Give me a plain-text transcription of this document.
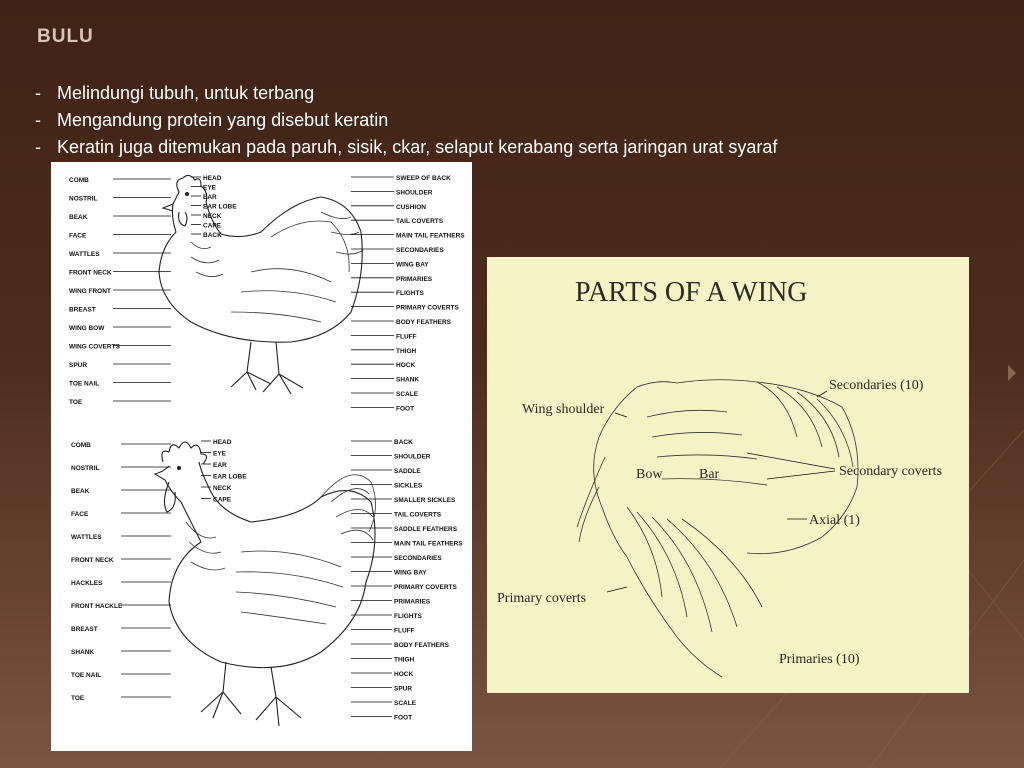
BULU
- Melindungi tubuh, untuk terbang
- Mengandung protein yang disebut keratin
- Keratin juga ditemukan pada paruh, sisik, ckar, selaput kerabang serta jaringan urat syaraf
COMB
NOSTRIL
BEAK
FACE
WATTLES
FRONT NECK
WING FRONT
BREAST
WING BOW
WING COVERTS
SPUR
TOE NAIL
TOE
HEAD
EYE
EAR
EAR LOBE
NECK
CAPE
BACK
SWEEP OF BACK
SHOULDER
CUSHION
TAIL COVERTS
MAIN TAIL FEATHERS
SECONDARIES
WING BAY
PRIMARIES
FLIGHTS
PRIMARY COVERTS
BODY FEATHERS
FLUFF
THIGH
HOCK
SHANK
SCALE
FOOT
COMB
NOSTRIL
BEAK
FACE
WATTLES
FRONT NECK
HACKLES
FRONT HACKLE
BREAST
SHANK
TOE NAIL
TOE
HEAD
EYE
EAR
EAR LOBE
NECK
CAPE
BACK
SHOULDER
SADDLE
SICKLES
SMALLER SICKLES
TAIL COVERTS
SADDLE FEATHERS
MAIN TAIL FEATHERS
SECONDARIES
WING BAY
PRIMARY COVERTS
PRIMARIES
FLIGHTS
FLUFF
BODY FEATHERS
THIGH
HOCK
SPUR
SCALE
FOOT
PARTS OF A WING
Wing shoulder
Secondaries (10)
Bow	Bar	Secondary coverts
Axial (1)
Primary coverts
Primaries (10)
